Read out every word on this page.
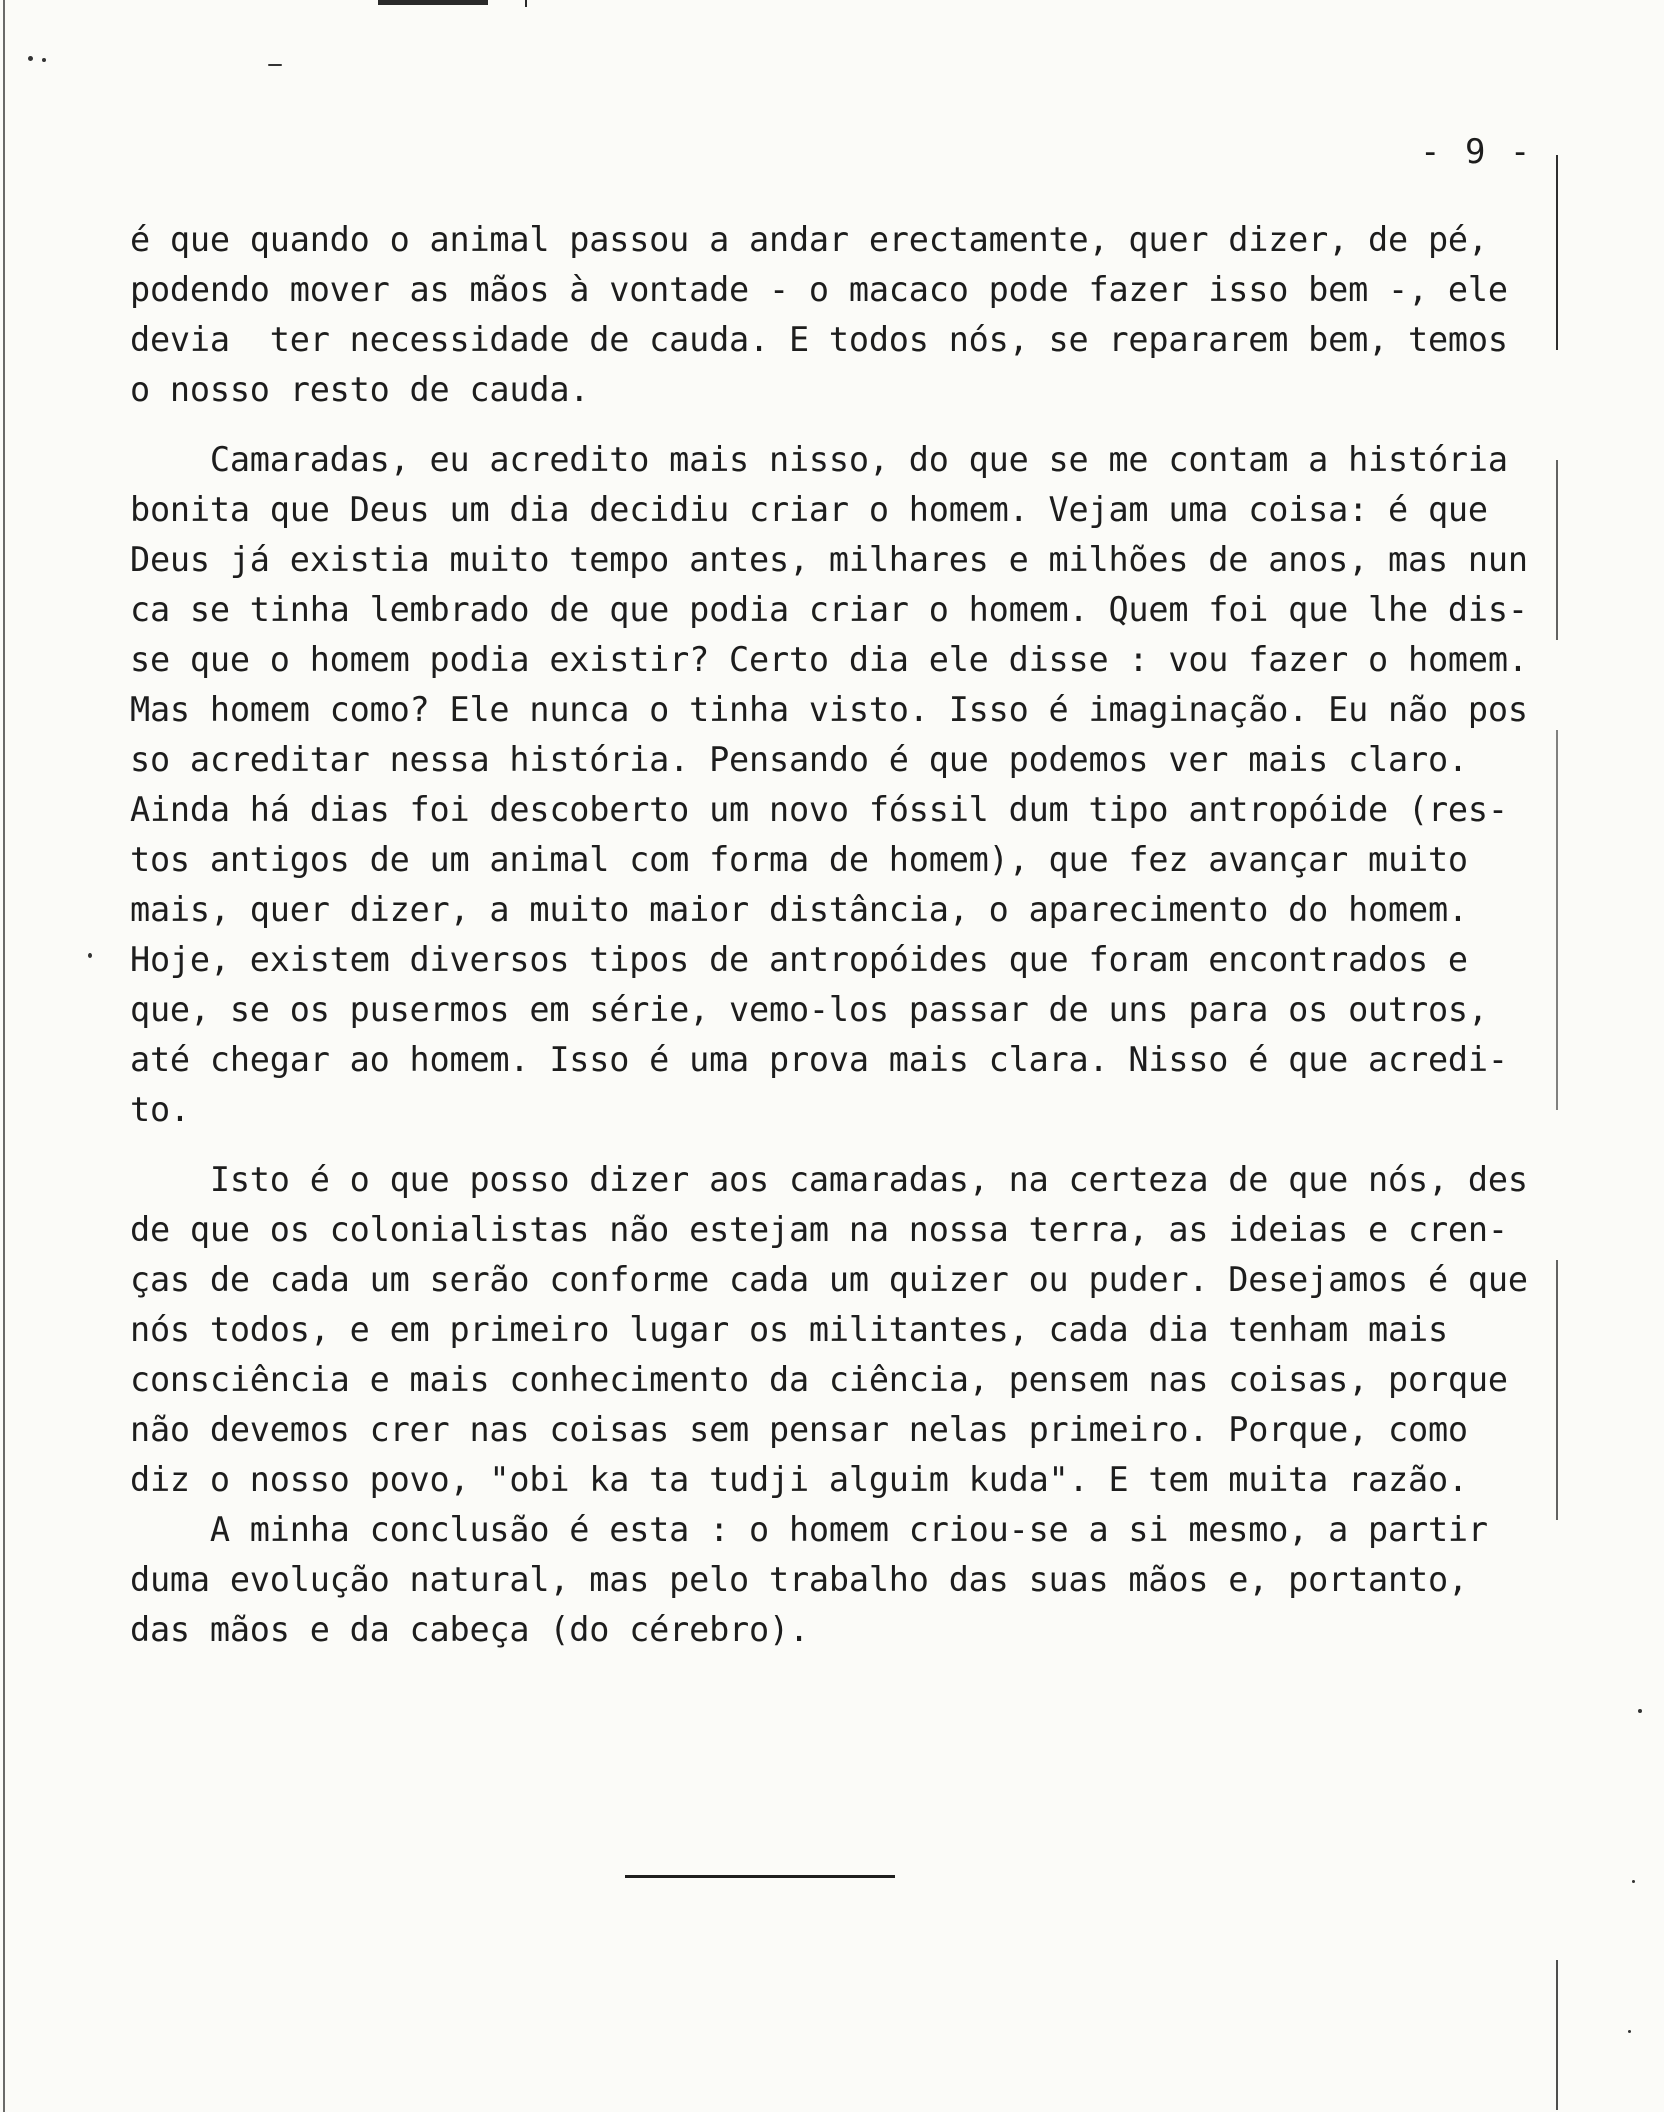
- 9 -
é que quando o animal passou a andar erectamente, quer dizer, de pé,
podendo mover as mãos à vontade - o macaco pode fazer isso bem -, ele
devia  ter necessidade de cauda. E todos nós, se repararem bem, temos
o nosso resto de cauda.
Camaradas, eu acredito mais nisso, do que se me contam a história
bonita que Deus um dia decidiu criar o homem. Vejam uma coisa: é que
Deus já existia muito tempo antes, milhares e milhões de anos, mas nun
ca se tinha lembrado de que podia criar o homem. Quem foi que lhe dis-
se que o homem podia existir? Certo dia ele disse : vou fazer o homem.
Mas homem como? Ele nunca o tinha visto. Isso é imaginação. Eu não pos
so acreditar nessa história. Pensando é que podemos ver mais claro.
Ainda há dias foi descoberto um novo fóssil dum tipo antropóide (res-
tos antigos de um animal com forma de homem), que fez avançar muito
mais, quer dizer, a muito maior distância, o aparecimento do homem.
Hoje, existem diversos tipos de antropóides que foram encontrados e
que, se os pusermos em série, vemo-los passar de uns para os outros,
até chegar ao homem. Isso é uma prova mais clara. Nisso é que acredi-
to.
Isto é o que posso dizer aos camaradas, na certeza de que nós, des
de que os colonialistas não estejam na nossa terra, as ideias e cren-
ças de cada um serão conforme cada um quizer ou puder. Desejamos é que
nós todos, e em primeiro lugar os militantes, cada dia tenham mais
consciência e mais conhecimento da ciência, pensem nas coisas, porque
não devemos crer nas coisas sem pensar nelas primeiro. Porque, como
diz o nosso povo, "obi ka ta tudji alguim kuda". E tem muita razão.
A minha conclusão é esta : o homem criou-se a si mesmo, a partir
duma evolução natural, mas pelo trabalho das suas mãos e, portanto,
das mãos e da cabeça (do cérebro).
